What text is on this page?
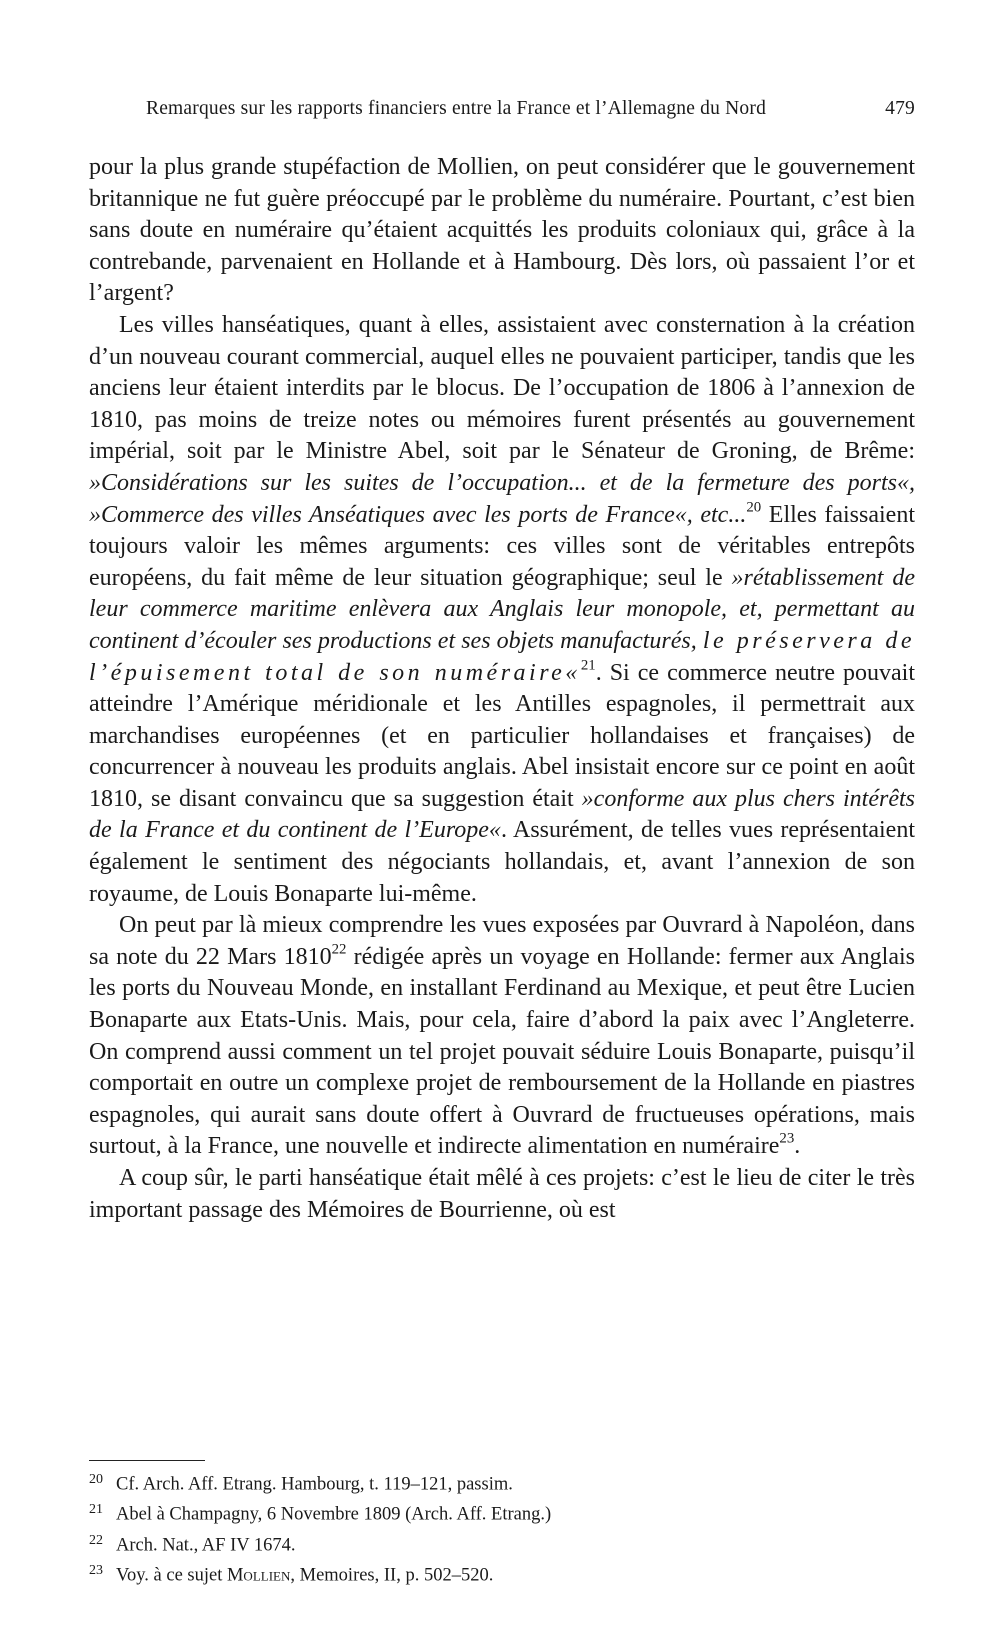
Remarques sur les rapports financiers entre la France et l’Allemagne du Nord	479

pour la plus grande stupéfaction de Mollien, on peut considérer que le gouvernement britannique ne fut guère préoccupé par le problème du numéraire. Pourtant, c’est bien sans doute en numéraire qu’étaient acquittés les produits coloniaux qui, grâce à la contrebande, parvenaient en Hollande et à Hambourg. Dès lors, où passaient l’or et l’argent?

Les villes hanséatiques, quant à elles, assistaient avec consternation à la création d’un nouveau courant commercial, auquel elles ne pouvaient participer, tandis que les anciens leur étaient interdits par le blocus. De l’occupation de 1806 à l’annexion de 1810, pas moins de treize notes ou mémoires furent présentés au gouvernement impérial, soit par le Ministre Abel, soit par le Sénateur de Groning, de Brême: »Considérations sur les suites de l’occupation... et de la fermeture des ports«, »Commerce des villes Anséatiques avec les ports de France«, etc...$^{20}$ Elles faissaient toujours valoir les mêmes arguments: ces villes sont de véritables entrepôts européens, du fait même de leur situation géographique; seul le »rétablissement de leur commerce maritime enlèvera aux Anglais leur monopole, et, permettant au continent d’écouler ses productions et ses objets manufacturés, le préservera de l’épuisement total de son numéraire«$^{21}$. Si ce commerce neutre pouvait atteindre l’Amérique méridionale et les Antilles espagnoles, il permettrait aux marchandises européennes (et en particulier hollandaises et françaises) de concurrencer à nouveau les produits anglais. Abel insistait encore sur ce point en août 1810, se disant convaincu que sa suggestion était »conforme aux plus chers intérêts de la France et du continent de l’Europe«. Assurément, de telles vues représentaient également le sentiment des négociants hollandais, et, avant l’annexion de son royaume, de Louis Bonaparte lui-même.

On peut par là mieux comprendre les vues exposées par Ouvrard à Napoléon, dans sa note du 22 Mars 1810$^{22}$ rédigée après un voyage en Hollande: fermer aux Anglais les ports du Nouveau Monde, en installant Ferdinand au Mexique, et peut être Lucien Bonaparte aux Etats-Unis. Mais, pour cela, faire d’abord la paix avec l’Angleterre. On comprend aussi comment un tel projet pouvait séduire Louis Bonaparte, puisqu’il comportait en outre un complexe projet de remboursement de la Hollande en piastres espagnoles, qui aurait sans doute offert à Ouvrard de fructueuses opérations, mais surtout, à la France, une nouvelle et indirecte alimentation en numéraire$^{23}$.

A coup sûr, le parti hanséatique était mêlé à ces projets: c’est le lieu de citer le très important passage des Mémoires de Bourrienne, où est

20 Cf. Arch. Aff. Etrang. Hambourg, t. 119–121, passim.
21 Abel à Champagny, 6 Novembre 1809 (Arch. Aff. Etrang.)
22 Arch. Nat., AF IV 1674.
23 Voy. à ce sujet Mollien, Memoires, II, p. 502–520.
